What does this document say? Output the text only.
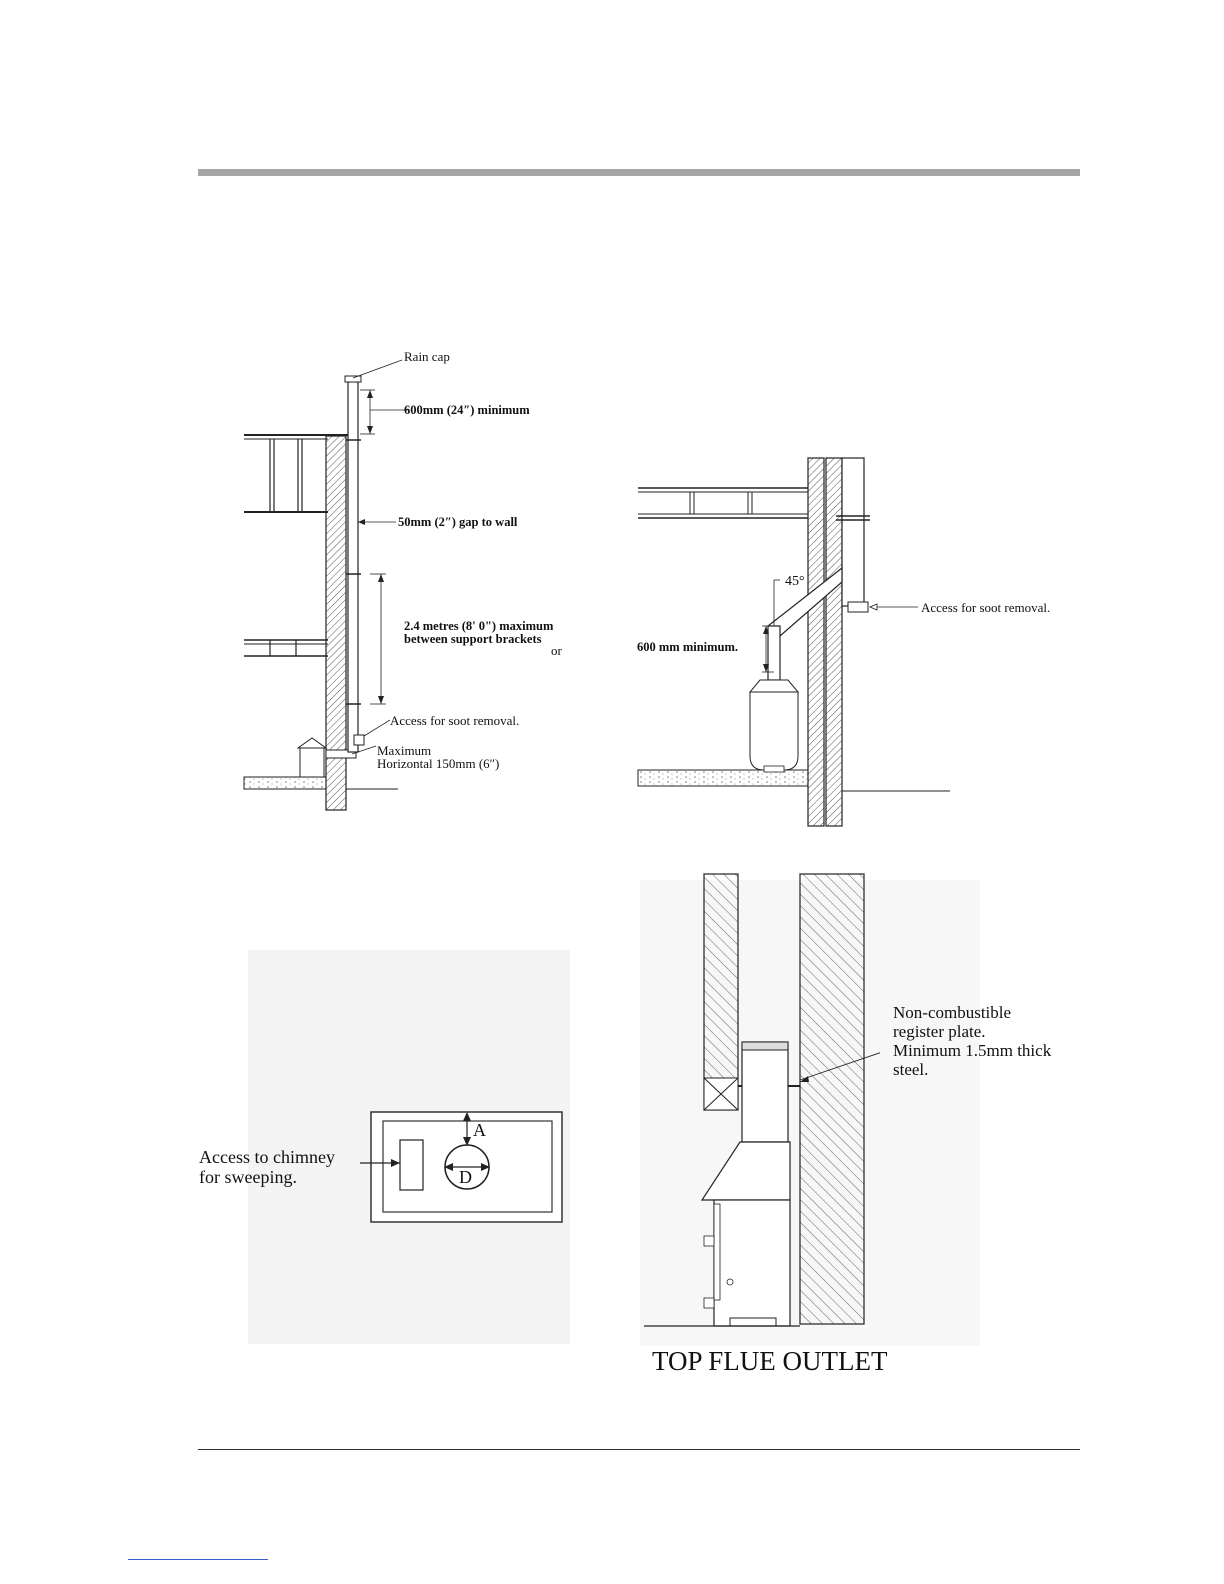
Rain cap
600mm (24″) minimum
50mm (2″) gap to wall
2.4 metres (8' 0") maximum
between support brackets
or
Access for soot removal.
Maximum
Horizontal 150mm (6″)
45°
600 mm minimum.
Access for soot removal.
Access to chimney
for sweeping.
A
D
Non-combustible
register plate.
Minimum 1.5mm thick
steel.
TOP FLUE OUTLET
